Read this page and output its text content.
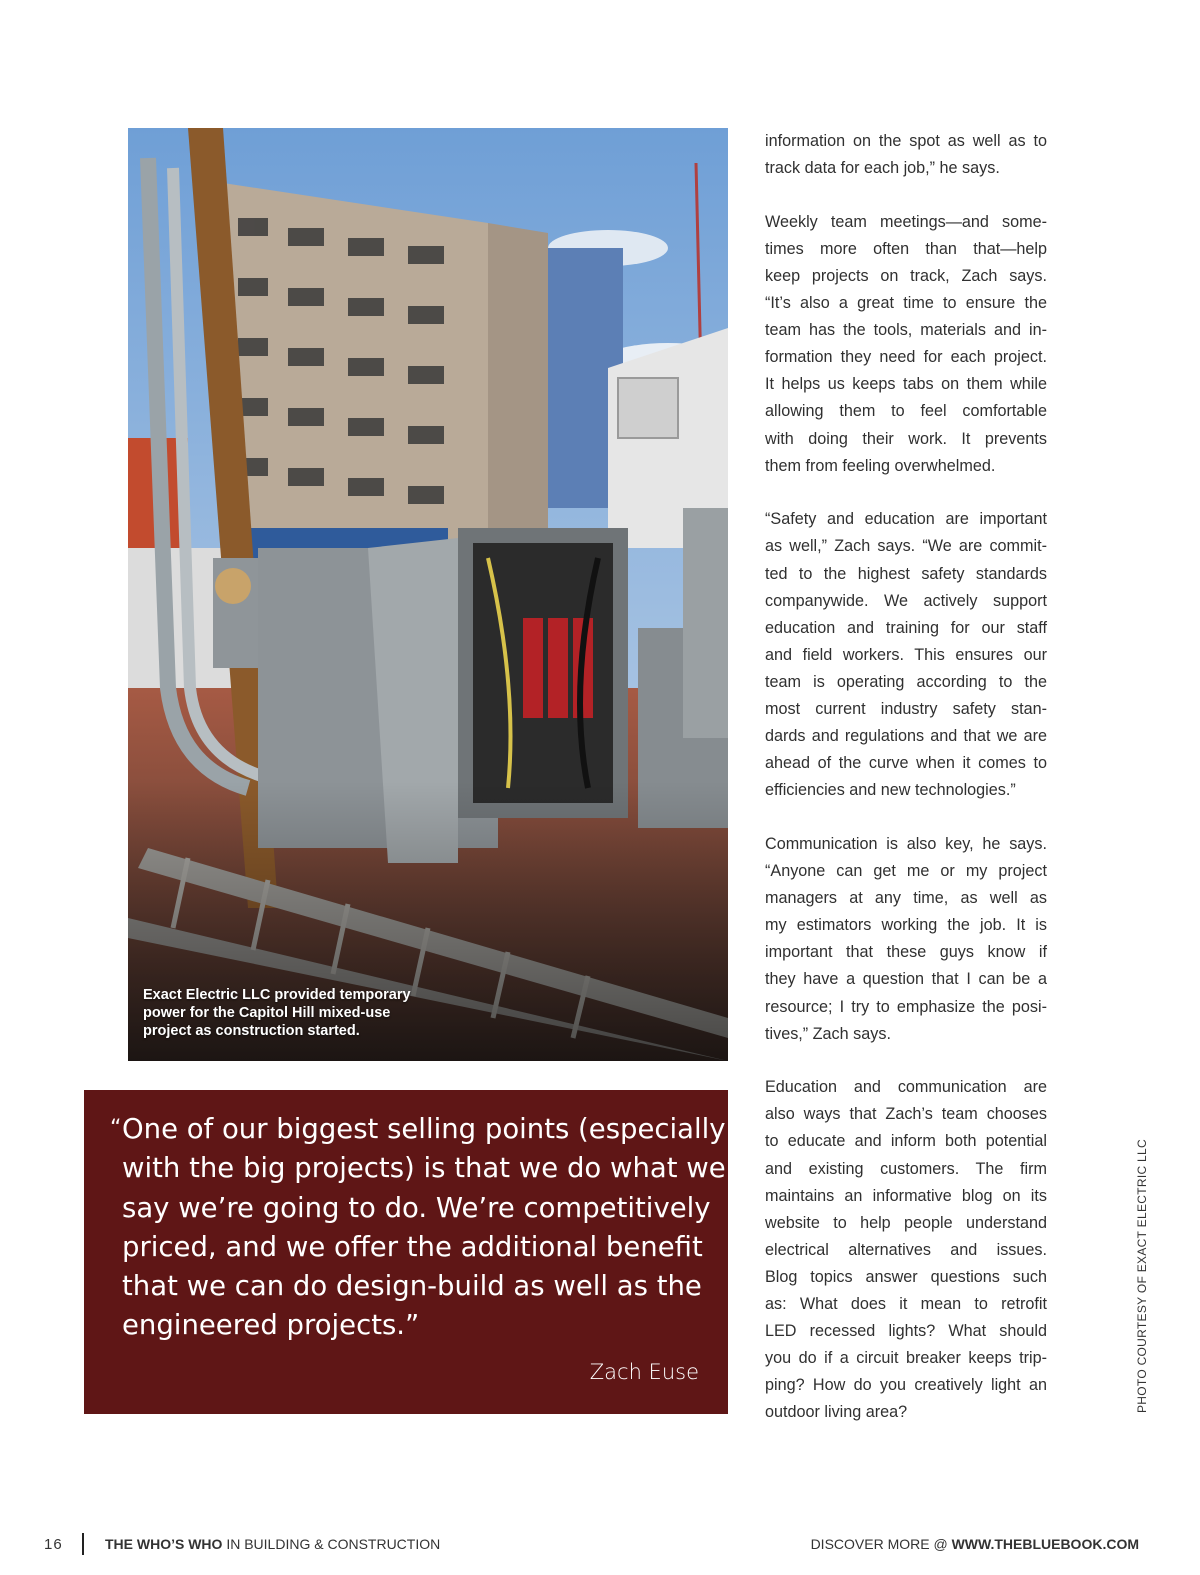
Exact Electric LLC provided temporary
power for the Capitol Hill mixed-use
project as construction started.
“ One of our biggest selling points (especially
with the big projects) is that we do what we
say we’re going to do. We’re competitively
priced, and we offer the additional benefit
that we can do design-build as well as the
engineered projects.”
Zach Euse

information on the spot as well as to
track data for each job,” he says.

Weekly team meetings—and some-
times more often than that—help
keep projects on track, Zach says.
“It’s also a great time to ensure the
team has the tools, materials and in-
formation they need for each project.
It helps us keeps tabs on them while
allowing them to feel comfortable
with doing their work. It prevents
them from feeling overwhelmed.

“Safety and education are important
as well,” Zach says. “We are commit-
ted to the highest safety standards
companywide. We actively support
education and training for our staff
and field workers. This ensures our
team is operating according to the
most current industry safety stan-
dards and regulations and that we are
ahead of the curve when it comes to
efficiencies and new technologies.”

Communication is also key, he says.
“Anyone can get me or my project
managers at any time, as well as
my estimators working the job. It is
important that these guys know if
they have a question that I can be a
resource; I try to emphasize the posi-
tives,” Zach says.

Education and communication are
also ways that Zach’s team chooses
to educate and inform both potential
and existing customers. The firm
maintains an informative blog on its
website to help people understand
electrical alternatives and issues.
Blog topics answer questions such
as: What does it mean to retrofit
LED recessed lights? What should
you do if a circuit breaker keeps trip-
ping? How do you creatively light an
outdoor living area?	PHOTO COURTESY OF EXACT ELECTRIC LLC
16	THE WHO’S WHO IN BUILDING & CONSTRUCTION	DISCOVER MORE @ WWW.THEBLUEBOOK.COM
